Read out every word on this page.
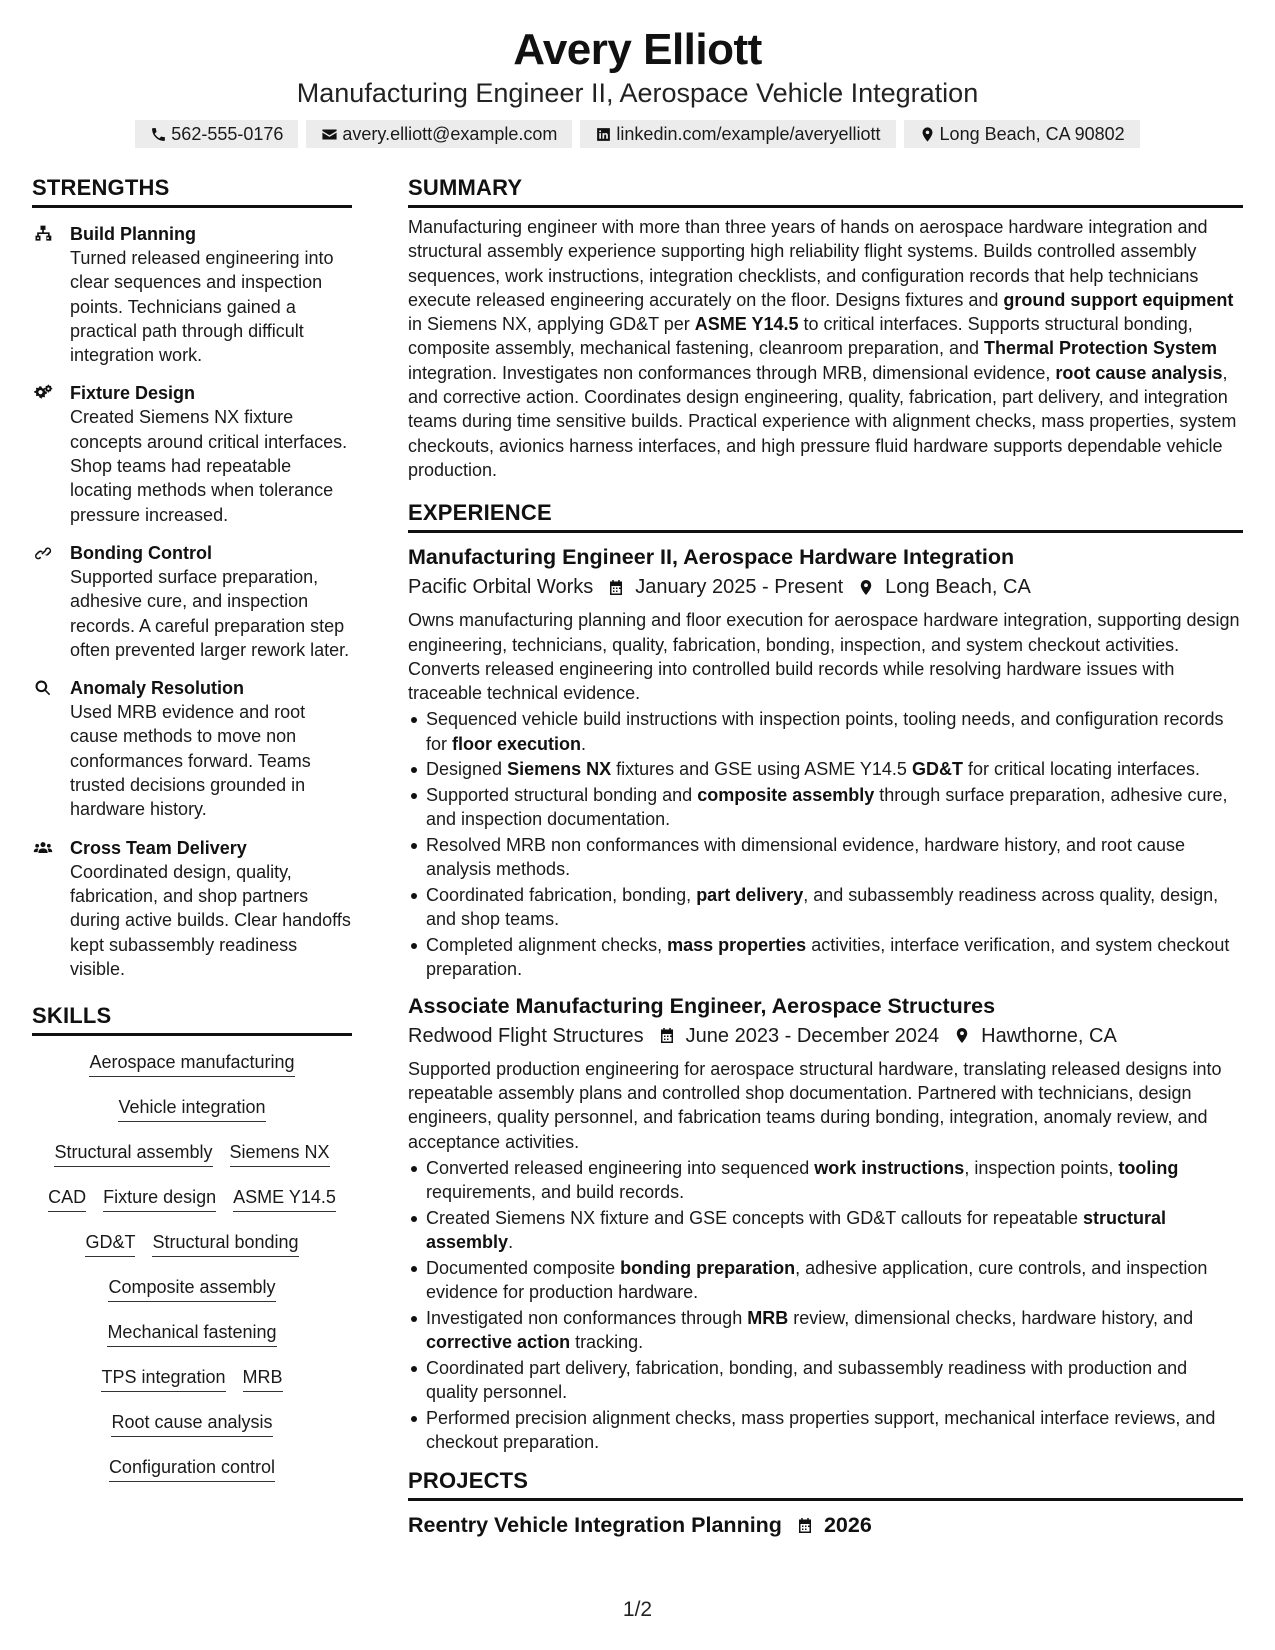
Avery Elliott
Manufacturing Engineer II, Aerospace Vehicle Integration
562-555-0176	avery.elliott@example.com	linkedin.com/example/averyelliott	Long Beach, CA 90802
STRENGTHS
Build Planning
Turned released engineering into clear sequences and inspection points. Technicians gained a practical path through difficult integration work.
Fixture Design
Created Siemens NX fixture concepts around critical interfaces. Shop teams had repeatable locating methods when tolerance pressure increased.
Bonding Control
Supported surface preparation, adhesive cure, and inspection records. A careful preparation step often prevented larger rework later.
Anomaly Resolution
Used MRB evidence and root cause methods to move non conformances forward. Teams trusted decisions grounded in hardware history.
Cross Team Delivery
Coordinated design, quality, fabrication, and shop partners during active builds. Clear handoffs kept subassembly readiness visible.
SKILLS
Aerospace manufacturing
Vehicle integration
Structural assembly Siemens NX
CAD Fixture design ASME Y14.5
GD&T Structural bonding
Composite assembly
Mechanical fastening
TPS integration MRB
Root cause analysis
Configuration control
SUMMARY
Manufacturing engineer with more than three years of hands on aerospace hardware integration and structural assembly experience supporting high reliability flight systems. Builds controlled assembly sequences, work instructions, integration checklists, and configuration records that help technicians execute released engineering accurately on the floor. Designs fixtures and ground support equipment in Siemens NX, applying GD&T per ASME Y14.5 to critical interfaces. Supports structural bonding, composite assembly, mechanical fastening, cleanroom preparation, and Thermal Protection System integration. Investigates non conformances through MRB, dimensional evidence, root cause analysis, and corrective action. Coordinates design engineering, quality, fabrication, part delivery, and integration teams during time sensitive builds. Practical experience with alignment checks, mass properties, system checkouts, avionics harness interfaces, and high pressure fluid hardware supports dependable vehicle production.
EXPERIENCE
Manufacturing Engineer II, Aerospace Hardware Integration
Pacific Orbital Works January 2025 - Present Long Beach, CA
Owns manufacturing planning and floor execution for aerospace hardware integration, supporting design engineering, technicians, quality, fabrication, bonding, inspection, and system checkout activities. Converts released engineering into controlled build records while resolving hardware issues with traceable technical evidence.
Sequenced vehicle build instructions with inspection points, tooling needs, and configuration records for floor execution.
Designed Siemens NX fixtures and GSE using ASME Y14.5 GD&T for critical locating interfaces.
Supported structural bonding and composite assembly through surface preparation, adhesive cure, and inspection documentation.
Resolved MRB non conformances with dimensional evidence, hardware history, and root cause analysis methods.
Coordinated fabrication, bonding, part delivery, and subassembly readiness across quality, design, and shop teams.
Completed alignment checks, mass properties activities, interface verification, and system checkout preparation.
Associate Manufacturing Engineer, Aerospace Structures
Redwood Flight Structures June 2023 - December 2024 Hawthorne, CA
Supported production engineering for aerospace structural hardware, translating released designs into repeatable assembly plans and controlled shop documentation. Partnered with technicians, design engineers, quality personnel, and fabrication teams during bonding, integration, anomaly review, and acceptance activities.
Converted released engineering into sequenced work instructions, inspection points, tooling requirements, and build records.
Created Siemens NX fixture and GSE concepts with GD&T callouts for repeatable structural assembly.
Documented composite bonding preparation, adhesive application, cure controls, and inspection evidence for production hardware.
Investigated non conformances through MRB review, dimensional checks, hardware history, and corrective action tracking.
Coordinated part delivery, fabrication, bonding, and subassembly readiness with production and quality personnel.
Performed precision alignment checks, mass properties support, mechanical interface reviews, and checkout preparation.
PROJECTS
Reentry Vehicle Integration Planning 2026
1/2
